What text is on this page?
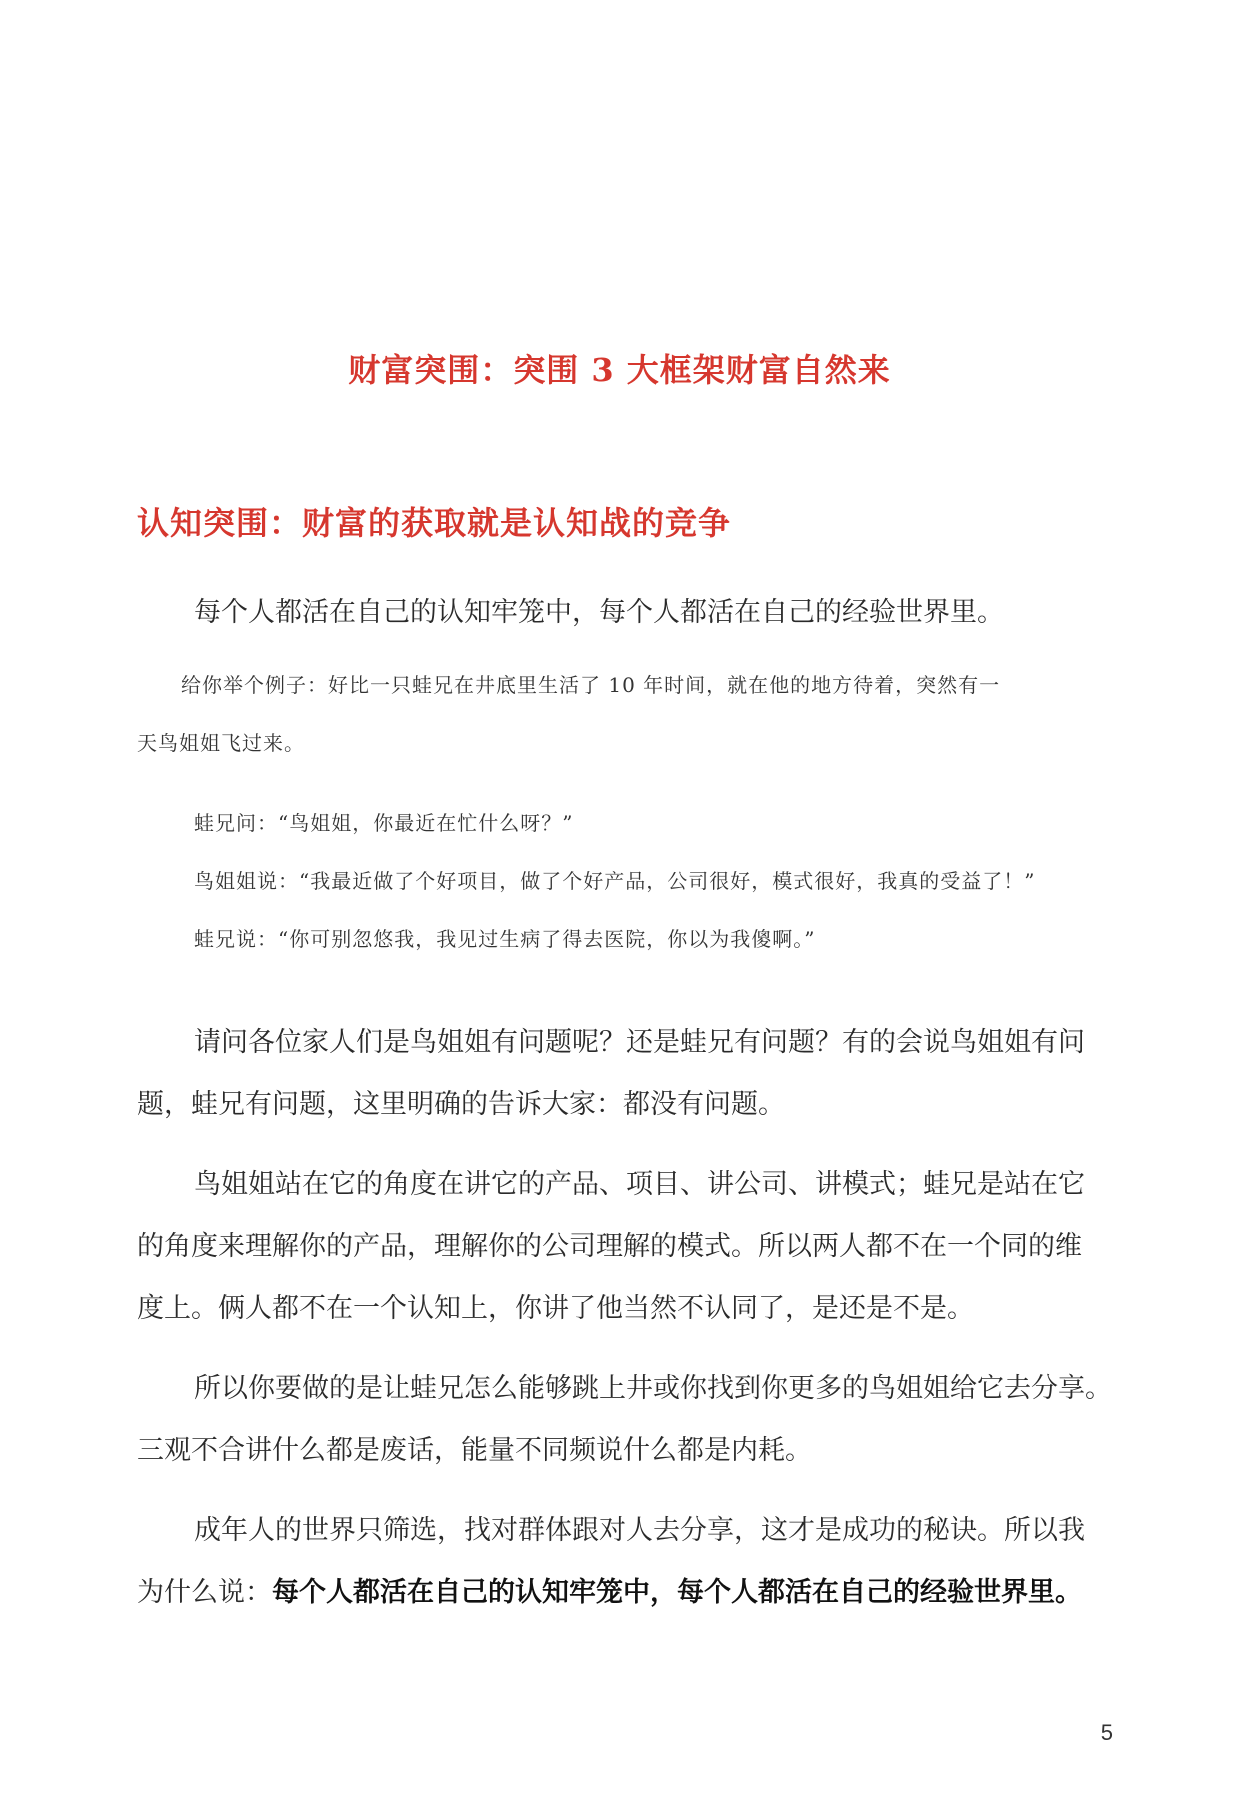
财富突围：突围 3 大框架财富自然来
认知突围：财富的获取就是认知战的竞争
每个人都活在自己的认知牢笼中，每个人都活在自己的经验世界里。
给你举个例子：好比一只蛙兄在井底里生活了 10 年时间，就在他的地方待着，突然有一
天鸟姐姐飞过来。
蛙兄问：“鸟姐姐，你最近在忙什么呀？”
鸟姐姐说：“我最近做了个好项目，做了个好产品，公司很好，模式很好，我真的受益了！”
蛙兄说：“你可别忽悠我，我见过生病了得去医院，你以为我傻啊。”
请问各位家人们是鸟姐姐有问题呢？还是蛙兄有问题？有的会说鸟姐姐有问
题，蛙兄有问题，这里明确的告诉大家：都没有问题。
鸟姐姐站在它的角度在讲它的产品、项目、讲公司、讲模式；蛙兄是站在它
的角度来理解你的产品，理解你的公司理解的模式。所以两人都不在一个同的维
度上。俩人都不在一个认知上，你讲了他当然不认同了，是还是不是。
所以你要做的是让蛙兄怎么能够跳上井或你找到你更多的鸟姐姐给它去分享。
三观不合讲什么都是废话，能量不同频说什么都是内耗。
成年人的世界只筛选，找对群体跟对人去分享，这才是成功的秘诀。所以我
为什么说：每个人都活在自己的认知牢笼中，每个人都活在自己的经验世界里。
5
